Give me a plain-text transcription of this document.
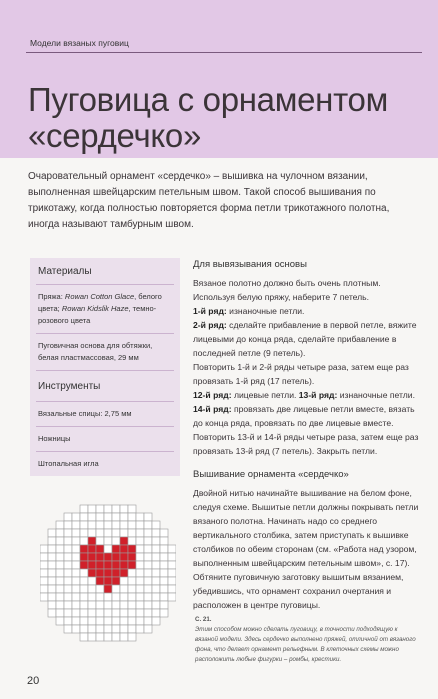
Модели вязаных пуговиц
Пуговица с орнаментом
«сердечко»
Очаровательный орнамент «сердечко» – вышивка на чулочном вязании, выполненная швейцарским петельным швом. Такой способ вышивания по трикотажу, когда полностью повторяется форма петли трикотажного полотна, иногда называют тамбурным швом.
Материалы
Пряжа: Rowan Cotton Glace, белого цвета; Rowan Kidslik Haze, темно-розового цвета
Пуговичная основа для обтяжки, белая пластмассовая, 29 мм
Инструменты
Вязальные спицы: 2,75 мм
Ножницы
Штопальная игла
Для вывязывания основы

Вязаное полотно должно быть очень плотным. Используя белую пряжу, наберите 7 петель.

1-й ряд: изнаночные петли.

2-й ряд: сделайте прибавление в первой петле, вяжите лицевыми до конца ряда, сделайте прибавление в последней петле (9 петель).

Повторить 1-й и 2-й ряды четыре раза, затем еще раз провязать 1-й ряд (17 петель).

12-й ряд: лицевые петли. 13-й ряд: изнаночные петли.

14-й ряд: провязать две лицевые петли вместе, вязать до конца ряда, провязать по две лицевые вместе. Повторить 13-й и 14-й ряды четыре раза, затем еще раз провязать 13-й ряд (7 петель). Закрыть петли.

Вышивание орнамента «сердечко»

Двойной нитью начинайте вышивание на белом фоне, следуя схеме. Вышитые петли должны покрывать петли вязаного полотна. Начинать надо со среднего вертикального столбика, затем приступать к вышивке столбиков по обеим сторонам (см. «Работа над узором, выполненным швейцарским петельным швом», с. 17). Обтяните пуговичную заготовку вышитым вязанием, убедившись, что орнамент сохранил очертания и расположен в центре пуговицы.

С. 21.
Этим способом можно сделать пуговицу, в точности подходящую к вязаной модели. Здесь сердечко выполнено пряжей, отличной от вязаного фона, что делает орнамент рельефным. В клеточных схемы можно расположить любые фигурки – ромбы, крестики.
20
